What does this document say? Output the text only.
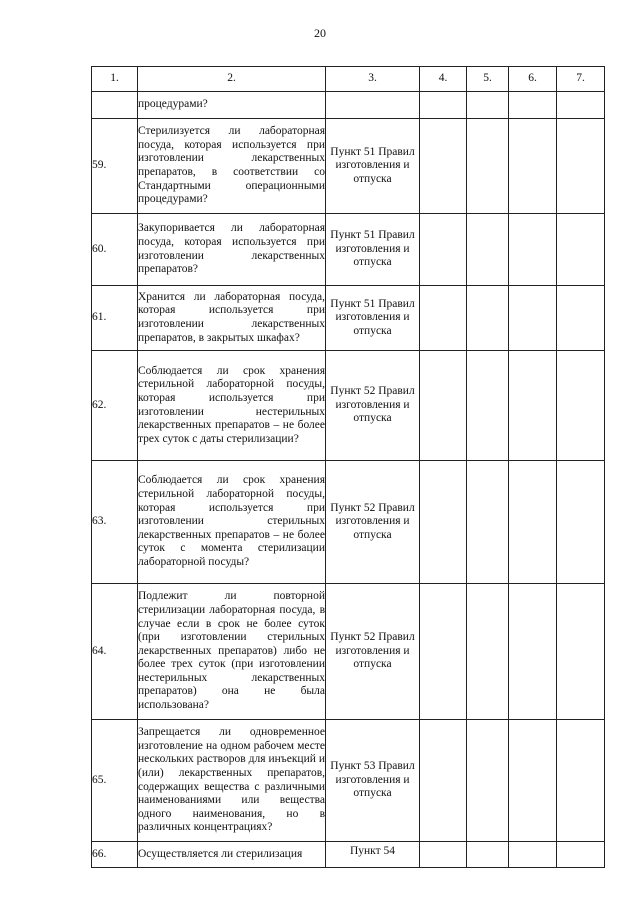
20
1.	2.	3.	4.	5.	6.	7.

	процедурами?					

59.	Стерилизуется ли лабораторная посуда, которая используется при изготовлении лекарственных препаратов, в соответствии со Стандартными операционными процедурами?	Пункт 51 Правил изготовления и отпуска				
60.	Закупоривается ли лабораторная посуда, которая используется при изготовлении лекарственных препаратов?	Пункт 51 Правил изготовления и отпуска				
61.	Хранится ли лабораторная посуда, которая используется при изготовлении лекарственных препаратов, в закрытых шкафах?	Пункт 51 Правил изготовления и отпуска				
62.	Соблюдается ли срок хранения стерильной лабораторной посуды, которая используется при изготовлении нестерильных лекарственных препаратов – не более трех суток с даты стерилизации?	Пункт 52 Правил изготовления и отпуска				
63.	Соблюдается ли срок хранения стерильной лабораторной посуды, которая используется при изготовлении стерильных лекарственных препаратов – не более суток с момента стерилизации лабораторной посуды?	Пункт 52 Правил изготовления и отпуска				
64.	Подлежит ли повторной стерилизации лабораторная посуда, в случае если в срок не более суток (при изготовлении стерильных лекарственных препаратов) либо не более трех суток (при изготовлении нестерильных лекарственных препаратов) она не была использована?	Пункт 52 Правил изготовления и отпуска				
65.	Запрещается ли одновременное изготовление на одном рабочем месте нескольких растворов для инъекций и (или) лекарственных препаратов, содержащих вещества с различными наименованиями или вещества одного наименования, но в различных концентрациях?	Пункт 53 Правил изготовления и отпуска				
66.	Осуществляется ли стерилизация	Пункт 54				
